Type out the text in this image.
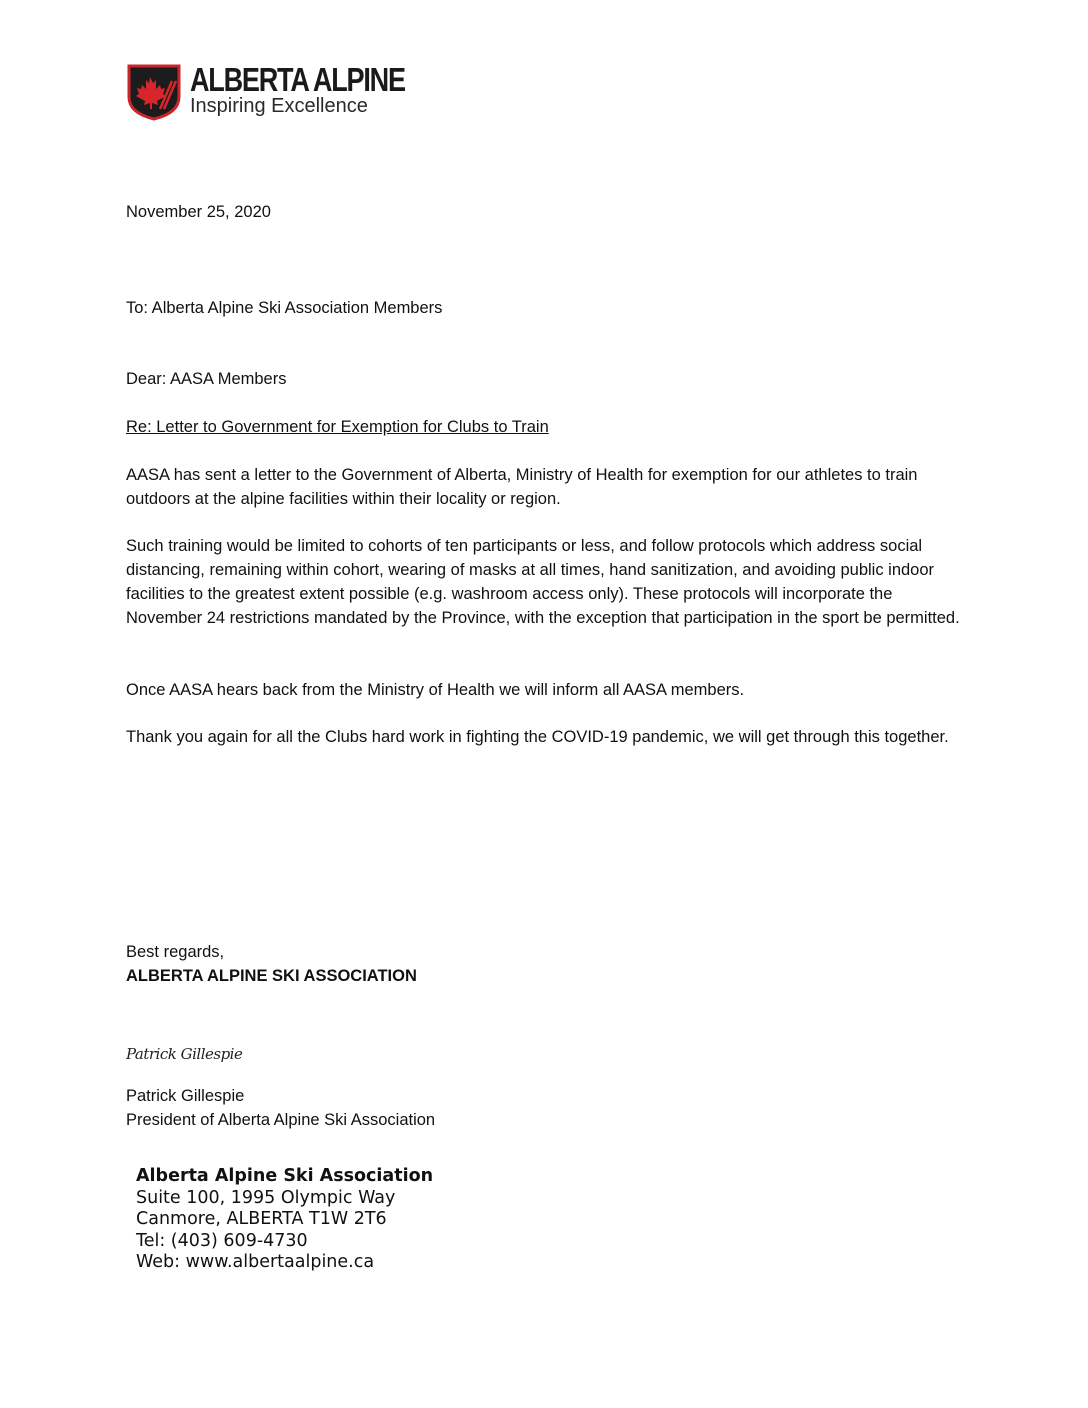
ALBERTA ALPINE
Inspiring Excellence
November 25, 2020
To: Alberta Alpine Ski Association Members
Dear: AASA Members
Re: Letter to Government for Exemption for Clubs to Train
AASA has sent a letter to the Government of Alberta, Ministry of Health for exemption for our athletes to train outdoors at the alpine facilities within their locality or region.
Such training would be limited to cohorts of ten participants or less, and follow protocols which address social distancing, remaining within cohort, wearing of masks at all times, hand sanitization, and avoiding public indoor facilities to the greatest extent possible (e.g. washroom access only). These protocols will incorporate the November 24 restrictions mandated by the Province, with the exception that participation in the sport be permitted.
Once AASA hears back from the Ministry of Health we will inform all AASA members.
Thank you again for all the Clubs hard work in fighting the COVID-19 pandemic, we will get through this together.
Best regards,
ALBERTA ALPINE SKI ASSOCIATION
Patrick Gillespie
Patrick Gillespie
President of Alberta Alpine Ski Association
Alberta Alpine Ski Association
Suite 100, 1995 Olympic Way
Canmore, ALBERTA T1W 2T6
Tel: (403) 609-4730
Web: www.albertaalpine.ca
